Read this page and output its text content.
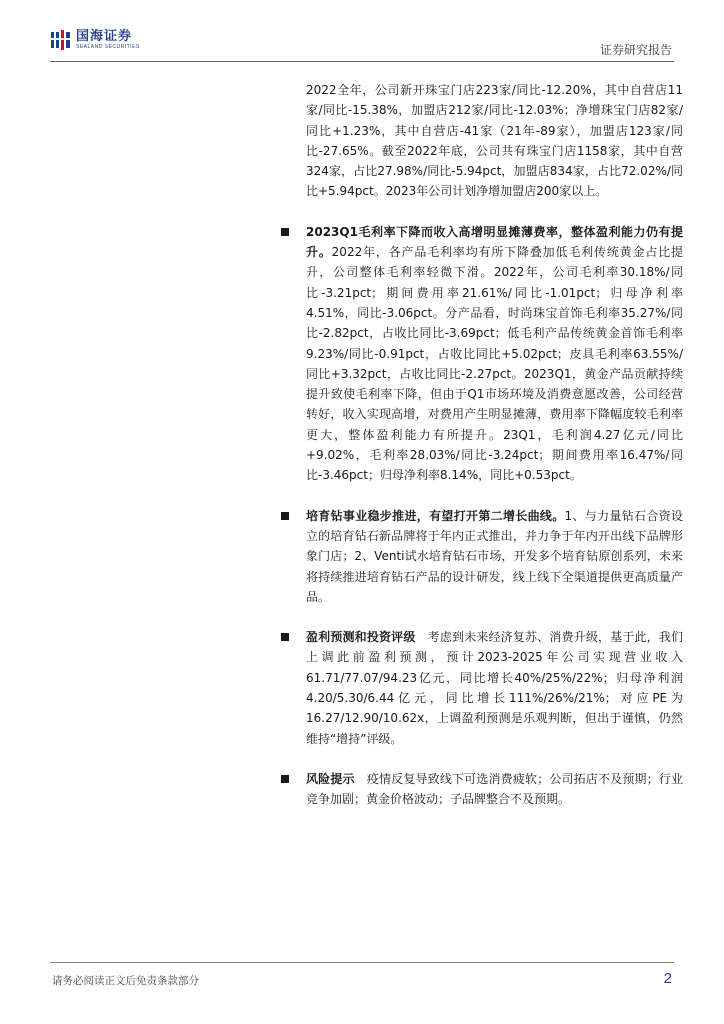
国海证券
SEALAND SECURITIES	证券研究报告
2022全年，公司新开珠宝门店223家/同比-12.20%，其中自营店11家/同比-15.38%，加盟店212家/同比-12.03%；净增珠宝门店82家/同比+1.23%，其中自营店-41家（21年-89家），加盟店123家/同比-27.65%。截至2022年底，公司共有珠宝门店1158家，其中自营324家，占比27.98%/同比-5.94pct，加盟店834家，占比72.02%/同比+5.94pct。2023年公司计划净增加盟店200家以上。
2023Q1毛利率下降而收入高增明显摊薄费率，整体盈利能力仍有提升。2022年，各产品毛利率均有所下降叠加低毛利传统黄金占比提升，公司整体毛利率轻微下滑。2022年，公司毛利率30.18%/同比-3.21pct；期间费用率21.61%/同比-1.01pct；归母净利率4.51%，同比-3.06pct。分产品看，时尚珠宝首饰毛利率35.27%/同比-2.82pct，占收比同比-3.69pct；低毛利产品传统黄金首饰毛利率9.23%/同比-0.91pct，占收比同比+5.02pct；皮具毛利率63.55%/同比+3.32pct，占收比同比-2.27pct。2023Q1，黄金产品贡献持续提升致使毛利率下降，但由于Q1市场环境及消费意愿改善，公司经营转好，收入实现高增，对费用产生明显摊薄，费用率下降幅度较毛利率更大，整体盈利能力有所提升。23Q1，毛利润4.27亿元/同比+9.02%，毛利率28.03%/同比-3.24pct；期间费用率16.47%/同比-3.46pct；归母净利率8.14%，同比+0.53pct。
培育钻事业稳步推进，有望打开第二增长曲线。1、与力量钻石合资设立的培育钻石新品牌将于年内正式推出，并力争于年内开出线下品牌形象门店；2、Venti试水培育钻石市场，开发多个培育钻原创系列，未来将持续推进培育钻石产品的设计研发，线上线下全渠道提供更高质量产品。
盈利预测和投资评级　考虑到未来经济复苏、消费升级，基于此，我们上调此前盈利预测，预计2023-2025年公司实现营业收入61.71/77.07/94.23亿元，同比增长40%/25%/22%；归母净利润4.20/5.30/6.44亿元，同比增长111%/26%/21%；对应PE为16.27/12.90/10.62x，上调盈利预测是乐观判断，但出于谨慎，仍然维持“增持”评级。
风险提示　疫情反复导致线下可选消费疲软；公司拓店不及预期；行业竞争加剧；黄金价格波动；子品牌整合不及预期。
请务必阅读正文后免责条款部分	2
